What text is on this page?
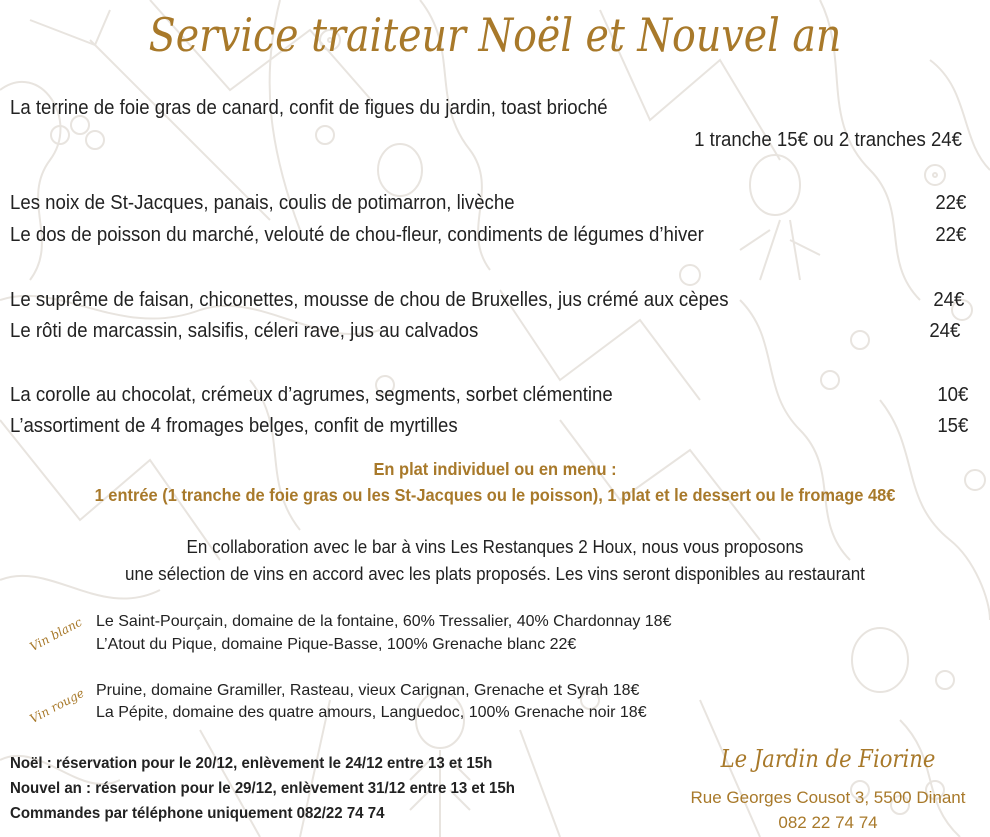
Service traiteur Noël et Nouvel an
La terrine de foie gras de canard, confit de figues du jardin, toast brioché
1 tranche 15€ ou 2 tranches 24€
Les noix de St-Jacques, panais, coulis de potimarron, livèche	22€
Le dos de poisson du marché, velouté de chou-fleur, condiments de légumes d’hiver	22€
Le suprême de faisan, chiconettes, mousse de chou de Bruxelles, jus crémé aux cèpes	24€
Le rôti de marcassin, salsifis, céleri rave, jus au calvados	24€
La corolle au chocolat, crémeux d’agrumes, segments, sorbet clémentine	10€
L’assortiment de 4 fromages belges, confit de myrtilles	15€
En plat individuel ou en menu :
1 entrée (1 tranche de foie gras ou les St-Jacques ou le poisson), 1 plat et le dessert ou le fromage 48€
En collaboration avec le bar à vins Les Restanques 2 Houx, nous vous proposons
une sélection de vins en accord avec les plats proposés. Les vins seront disponibles au restaurant
Vin blanc Le Saint-Pourçain, domaine de la fontaine, 60% Tressalier, 40% Chardonnay 18€
L’Atout du Pique, domaine Pique-Basse, 100% Grenache blanc 22€
Vin rouge Pruine, domaine Gramiller, Rasteau, vieux Carignan, Grenache et Syrah 18€
La Pépite, domaine des quatre amours, Languedoc, 100% Grenache noir 18€
Noël : réservation pour le 20/12, enlèvement le 24/12 entre 13 et 15h
Nouvel an : réservation pour le 29/12, enlèvement 31/12 entre 13 et 15h
Commandes par téléphone uniquement 082/22 74 74
Le Jardin de Fiorine
Rue Georges Cousot 3, 5500 Dinant
082 22 74 74
